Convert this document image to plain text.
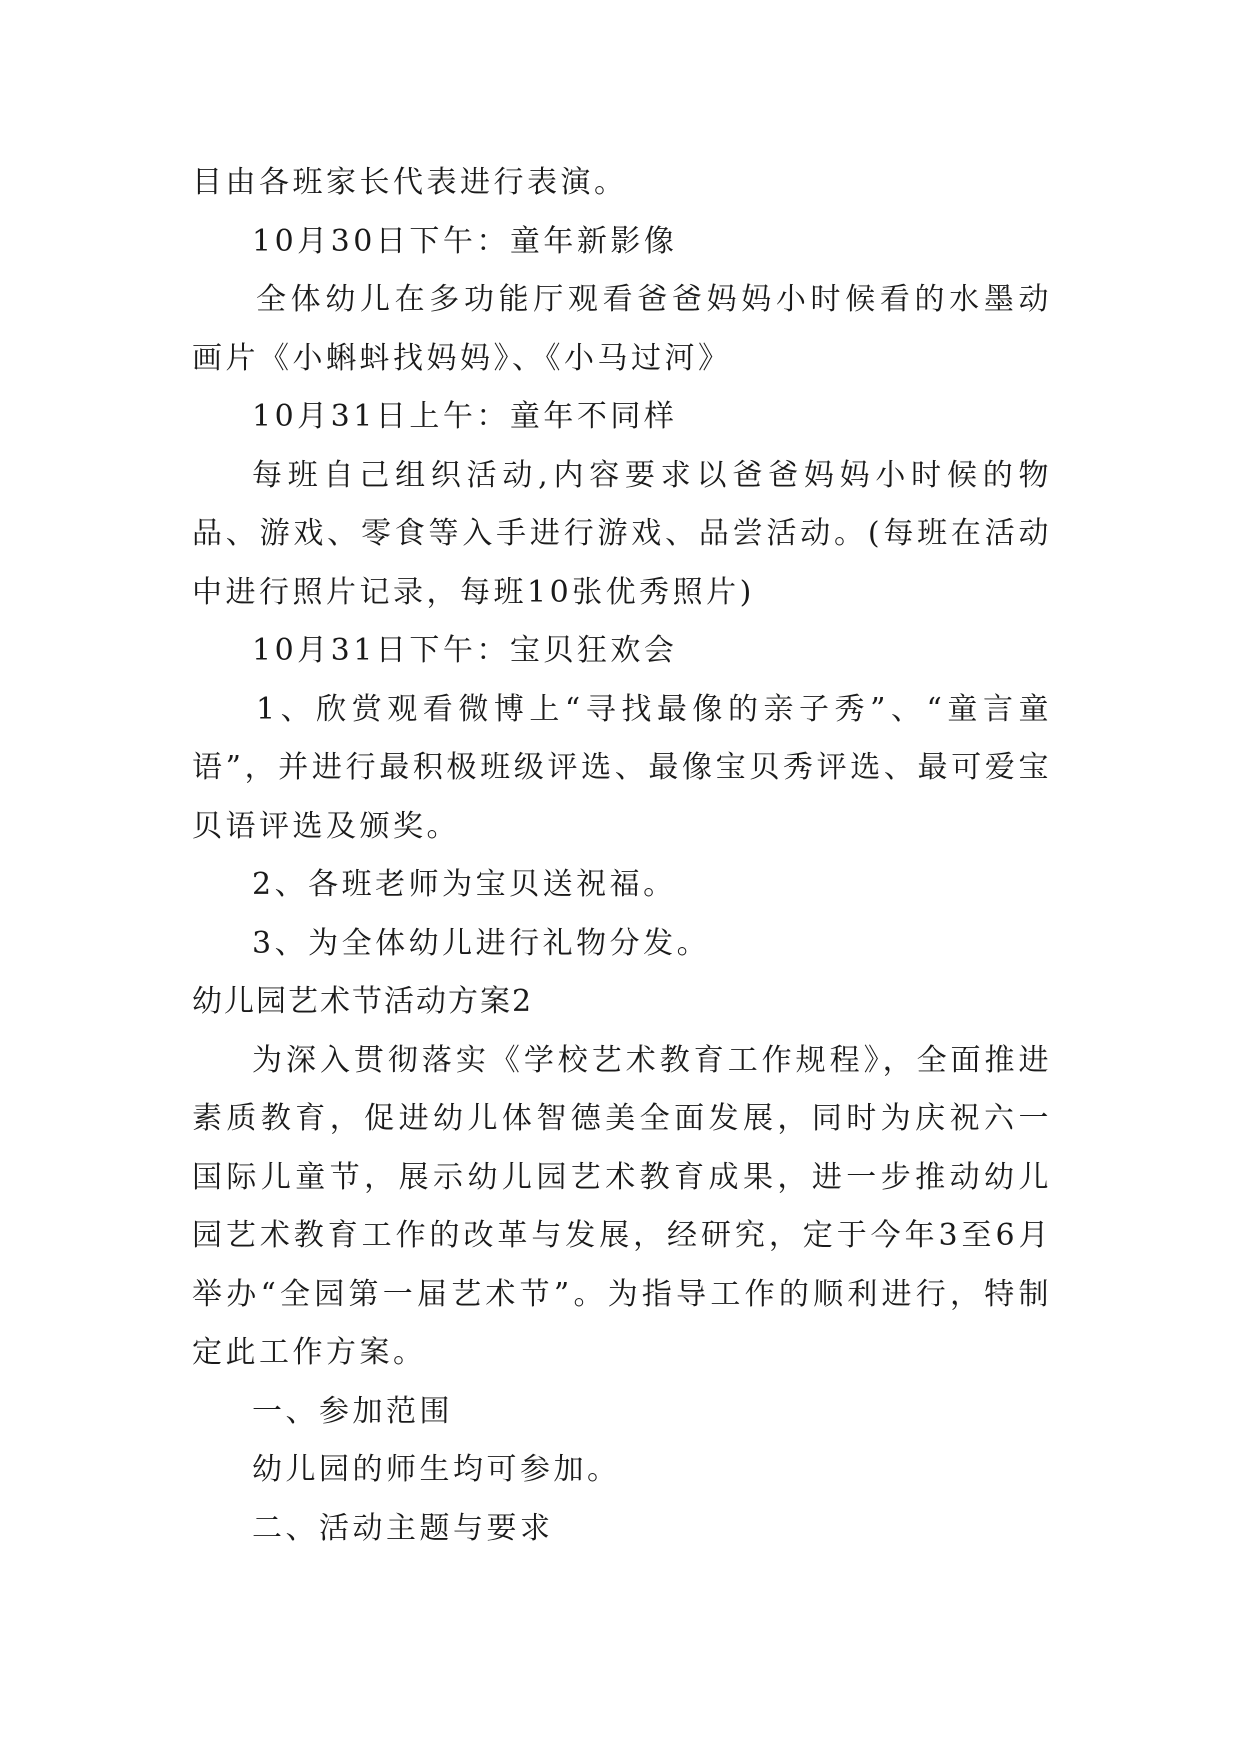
目由各班家长代表进行表演。

10月30日下午：童年新影像

全体幼儿在多功能厅观看爸爸妈妈小时候看的水墨动画片《小蝌蚪找妈妈》、《小马过河》

10月31日上午：童年不同样

每班自己组织活动,内容要求以爸爸妈妈小时候的物品、游戏、零食等入手进行游戏、品尝活动。(每班在活动中进行照片记录，每班10张优秀照片)

10月31日下午：宝贝狂欢会

1、欣赏观看微博上“寻找最像的亲子秀”、“童言童语”，并进行最积极班级评选、最像宝贝秀评选、最可爱宝贝语评选及颁奖。

2、各班老师为宝贝送祝福。

3、为全体幼儿进行礼物分发。

幼儿园艺术节活动方案2

为深入贯彻落实《学校艺术教育工作规程》，全面推进素质教育，促进幼儿体智德美全面发展，同时为庆祝六一国际儿童节，展示幼儿园艺术教育成果，进一步推动幼儿园艺术教育工作的改革与发展，经研究，定于今年3至6月举办“全园第一届艺术节”。为指导工作的顺利进行，特制定此工作方案。

一、参加范围

幼儿园的师生均可参加。

二、活动主题与要求
